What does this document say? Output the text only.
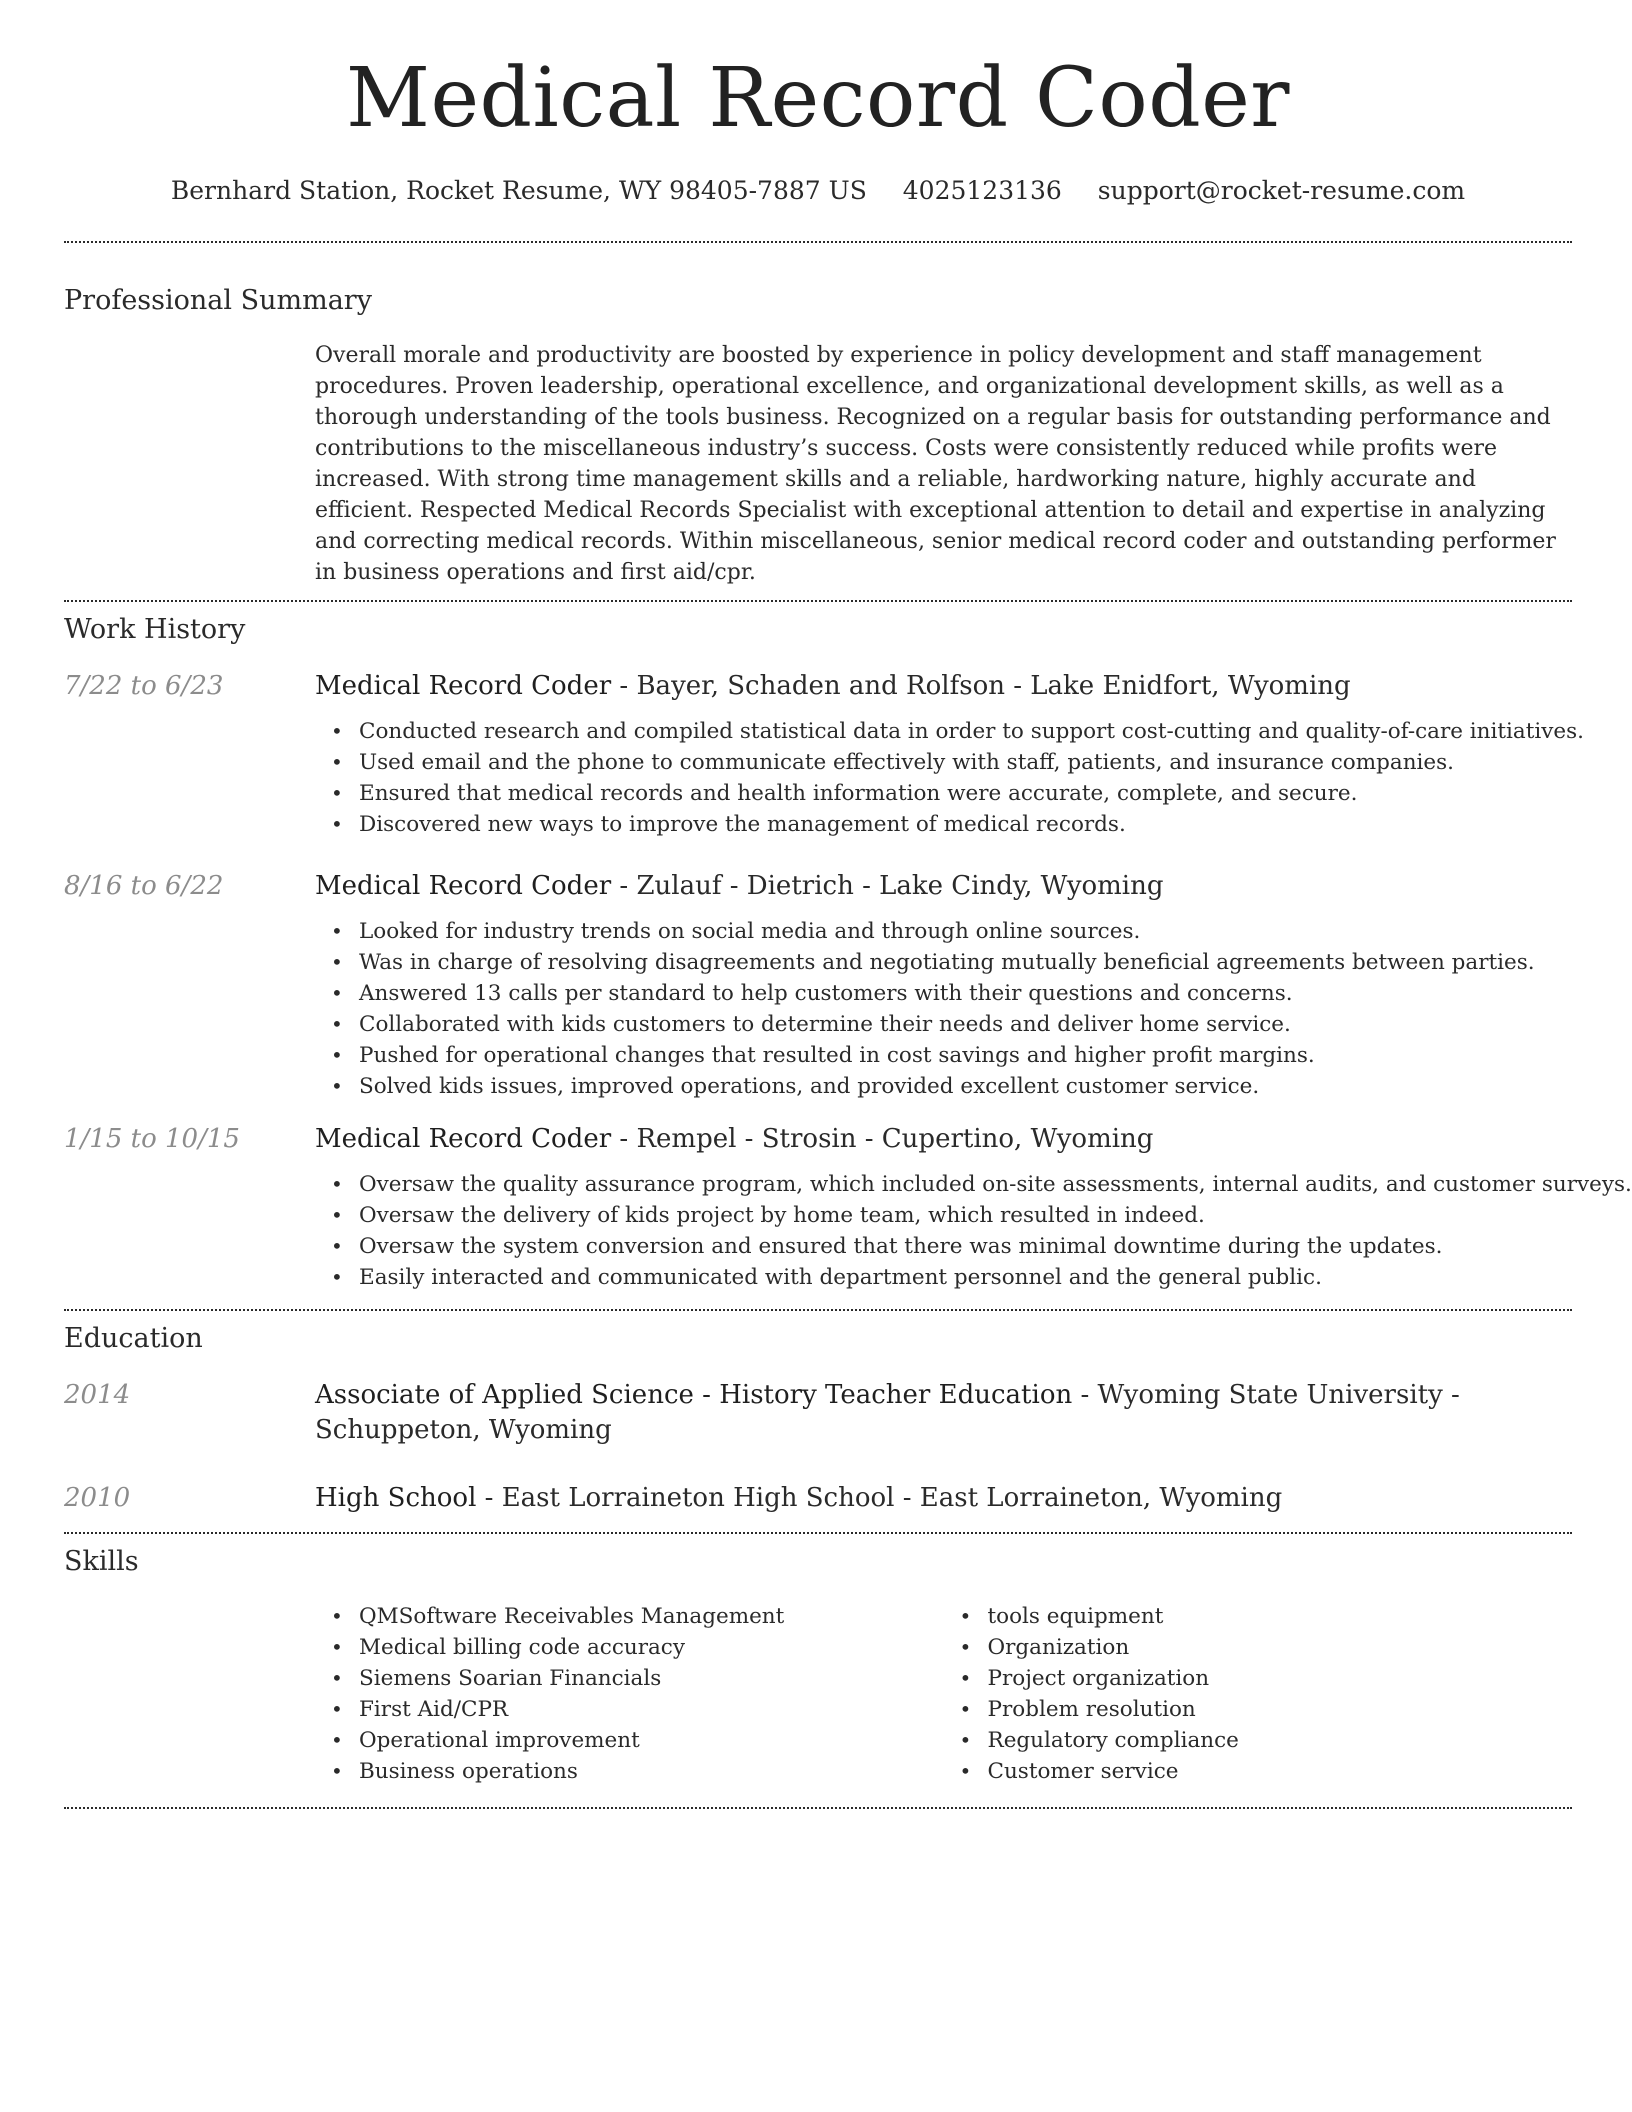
Medical Record Coder
Bernhard Station, Rocket Resume, WY 98405-7887 US 4025123136 support@rocket-resume.com
Professional Summary

Overall morale and productivity are boosted by experience in policy development and staff management procedures. Proven leadership, operational excellence, and organizational development skills, as well as a thorough understanding of the tools business. Recognized on a regular basis for outstanding performance and contributions to the miscellaneous industry’s success. Costs were consistently reduced while profits were increased. With strong time management skills and a reliable, hardworking nature, highly accurate and efficient. Respected Medical Records Specialist with exceptional attention to detail and expertise in analyzing and correcting medical records. Within miscellaneous, senior medical record coder and outstanding performer in business operations and first aid/cpr.

Work History
7/22 to 6/23	Medical Record Coder - Bayer, Schaden and Rolfson - Lake Enidfort, Wyoming
• Conducted research and compiled statistical data in order to support cost-cutting and quality-of-care initiatives.
• Used email and the phone to communicate effectively with staff, patients, and insurance companies.
• Ensured that medical records and health information were accurate, complete, and secure.
• Discovered new ways to improve the management of medical records.
8/16 to 6/22	Medical Record Coder - Zulauf - Dietrich - Lake Cindy, Wyoming
• Looked for industry trends on social media and through online sources.
• Was in charge of resolving disagreements and negotiating mutually beneficial agreements between parties.
• Answered 13 calls per standard to help customers with their questions and concerns.
• Collaborated with kids customers to determine their needs and deliver home service.
• Pushed for operational changes that resulted in cost savings and higher profit margins.
• Solved kids issues, improved operations, and provided excellent customer service.
1/15 to 10/15	Medical Record Coder - Rempel - Strosin - Cupertino, Wyoming
• Oversaw the quality assurance program, which included on-site assessments, internal audits, and customer surveys.
• Oversaw the delivery of kids project by home team, which resulted in indeed.
• Oversaw the system conversion and ensured that there was minimal downtime during the updates.
• Easily interacted and communicated with department personnel and the general public.
Education
2014	Associate of Applied Science - History Teacher Education - Wyoming State University - Schuppeton, Wyoming
2010	High School - East Lorraineton High School - East Lorraineton, Wyoming
Skills
• QMSoftware Receivables Management
• Medical billing code accuracy
• Siemens Soarian Financials
• First Aid/CPR
• Operational improvement
• Business operations
• tools equipment
• Organization
• Project organization
• Problem resolution
• Regulatory compliance
• Customer service
